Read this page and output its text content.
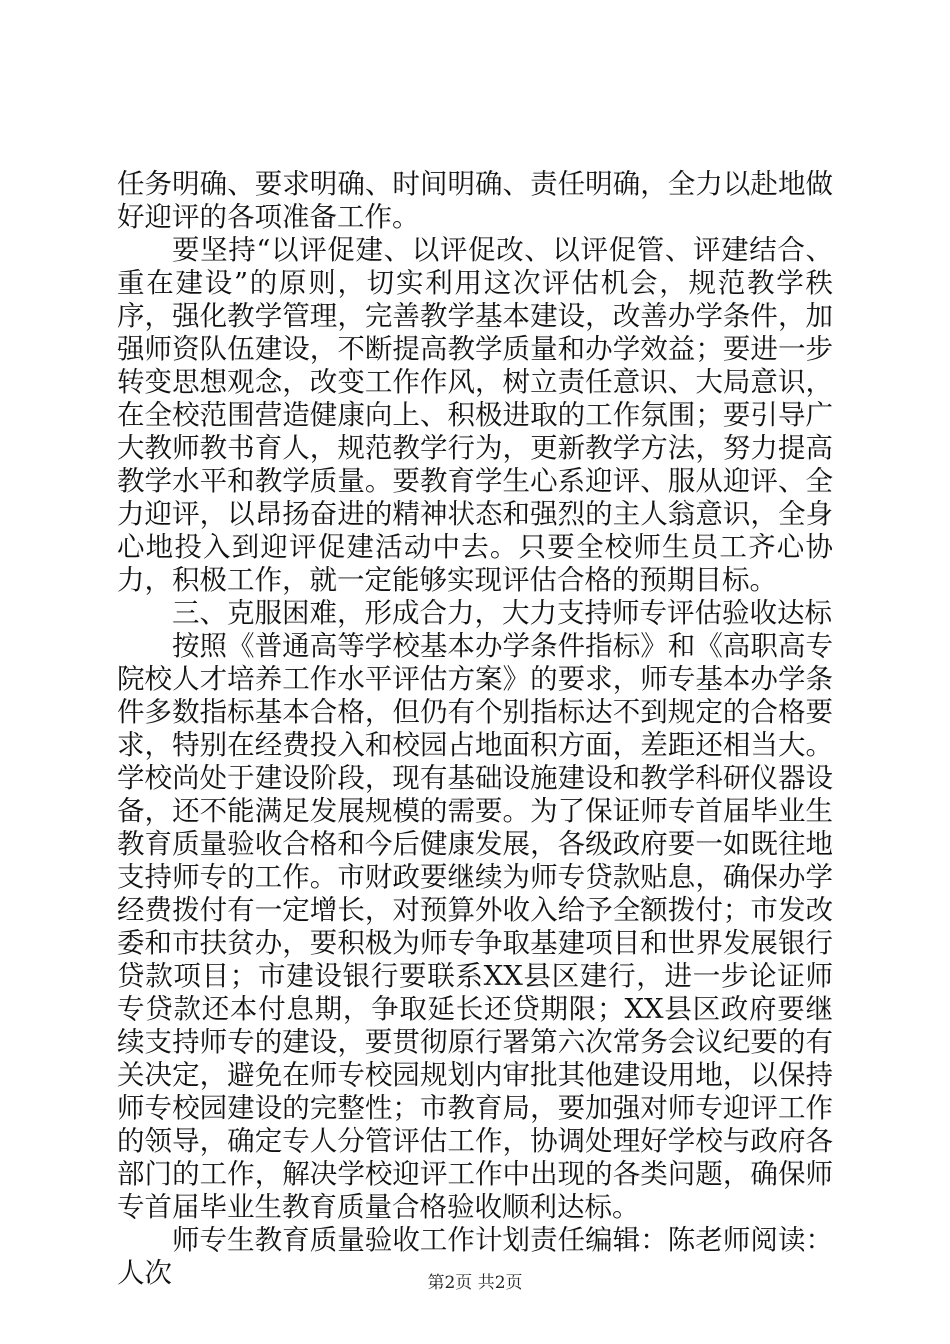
任务明确、要求明确、时间明确、责任明确，全力以赴地做好迎评的各项准备工作。

要坚持“以评促建、以评促改、以评促管、评建结合、重在建设”的原则，切实利用这次评估机会，规范教学秩序，强化教学管理，完善教学基本建设，改善办学条件，加强师资队伍建设，不断提高教学质量和办学效益；要进一步转变思想观念，改变工作作风，树立责任意识、大局意识，在全校范围营造健康向上、积极进取的工作氛围；要引导广大教师教书育人，规范教学行为，更新教学方法，努力提高教学水平和教学质量。要教育学生心系迎评、服从迎评、全力迎评，以昂扬奋进的精神状态和强烈的主人翁意识，全身心地投入到迎评促建活动中去。只要全校师生员工齐心协力，积极工作，就一定能够实现评估合格的预期目标。

三、克服困难，形成合力，大力支持师专评估验收达标

按照《普通高等学校基本办学条件指标》和《高职高专院校人才培养工作水平评估方案》的要求，师专基本办学条件多数指标基本合格，但仍有个别指标达不到规定的合格要求，特别在经费投入和校园占地面积方面，差距还相当大。学校尚处于建设阶段，现有基础设施建设和教学科研仪器设备，还不能满足发展规模的需要。为了保证师专首届毕业生教育质量验收合格和今后健康发展，各级政府要一如既往地支持师专的工作。市财政要继续为师专贷款贴息，确保办学经费拨付有一定增长，对预算外收入给予全额拨付；市发改委和市扶贫办，要积极为师专争取基建项目和世界发展银行贷款项目；市建设银行要联系XX县区建行，进一步论证师专贷款还本付息期，争取延长还贷期限；XX县区政府要继续支持师专的建设，要贯彻原行署第六次常务会议纪要的有关决定，避免在师专校园规划内审批其他建设用地，以保持师专校园建设的完整性；市教育局，要加强对师专迎评工作的领导，确定专人分管评估工作，协调处理好学校与政府各部门的工作，解决学校迎评工作中出现的各类问题，确保师专首届毕业生教育质量合格验收顺利达标。

师专生教育质量验收工作计划责任编辑：陈老师阅读：人次	第2页 共2页
